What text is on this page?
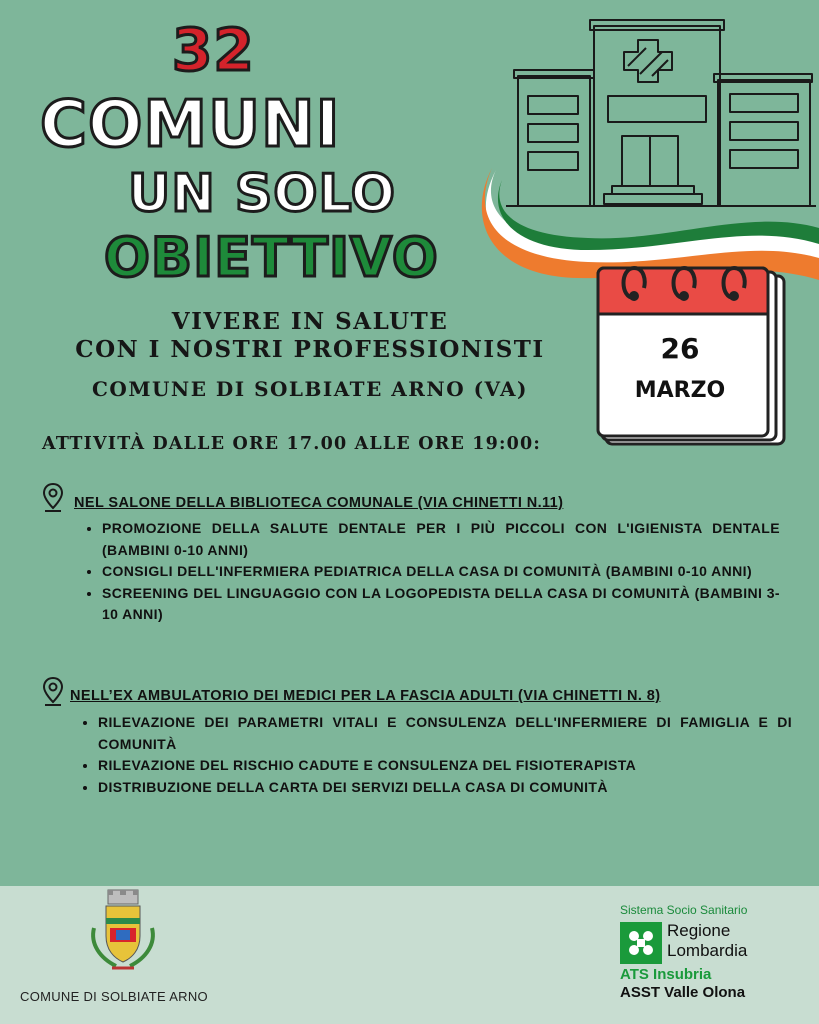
32
COMUNI
UN SOLO
OBIETTIVO
26
MARZO
VIVERE IN SALUTE
CON I NOSTRI PROFESSIONISTI
COMUNE DI SOLBIATE ARNO (VA)
ATTIVITÀ DALLE ORE 17.00 ALLE ORE 19:00:
NEL SALONE DELLA BIBLIOTECA COMUNALE (VIA CHINETTI N.11)
• PROMOZIONE DELLA SALUTE DENTALE PER I PIÙ PICCOLI CON L'IGIENISTA DENTALE (BAMBINI 0-10 ANNI)
• CONSIGLI DELL'INFERMIERA PEDIATRICA DELLA CASA DI COMUNITÀ (BAMBINI 0-10 ANNI)
• SCREENING DEL LINGUAGGIO CON LA LOGOPEDISTA DELLA CASA DI COMUNITÀ (BAMBINI 3-10 ANNI)
NELL’EX AMBULATORIO DEI MEDICI PER LA FASCIA ADULTI (VIA CHINETTI N. 8)
• RILEVAZIONE DEI PARAMETRI VITALI E CONSULENZA DELL'INFERMIERE DI FAMIGLIA E DI COMUNITÀ
• RILEVAZIONE DEL RISCHIO CADUTE E CONSULENZA DEL FISIOTERAPISTA
• DISTRIBUZIONE DELLA CARTA DEI SERVIZI DELLA CASA DI COMUNITÀ
COMUNE DI SOLBIATE ARNO
Sistema Socio Sanitario
Regione
Lombardia
ATS Insubria
ASST Valle Olona
